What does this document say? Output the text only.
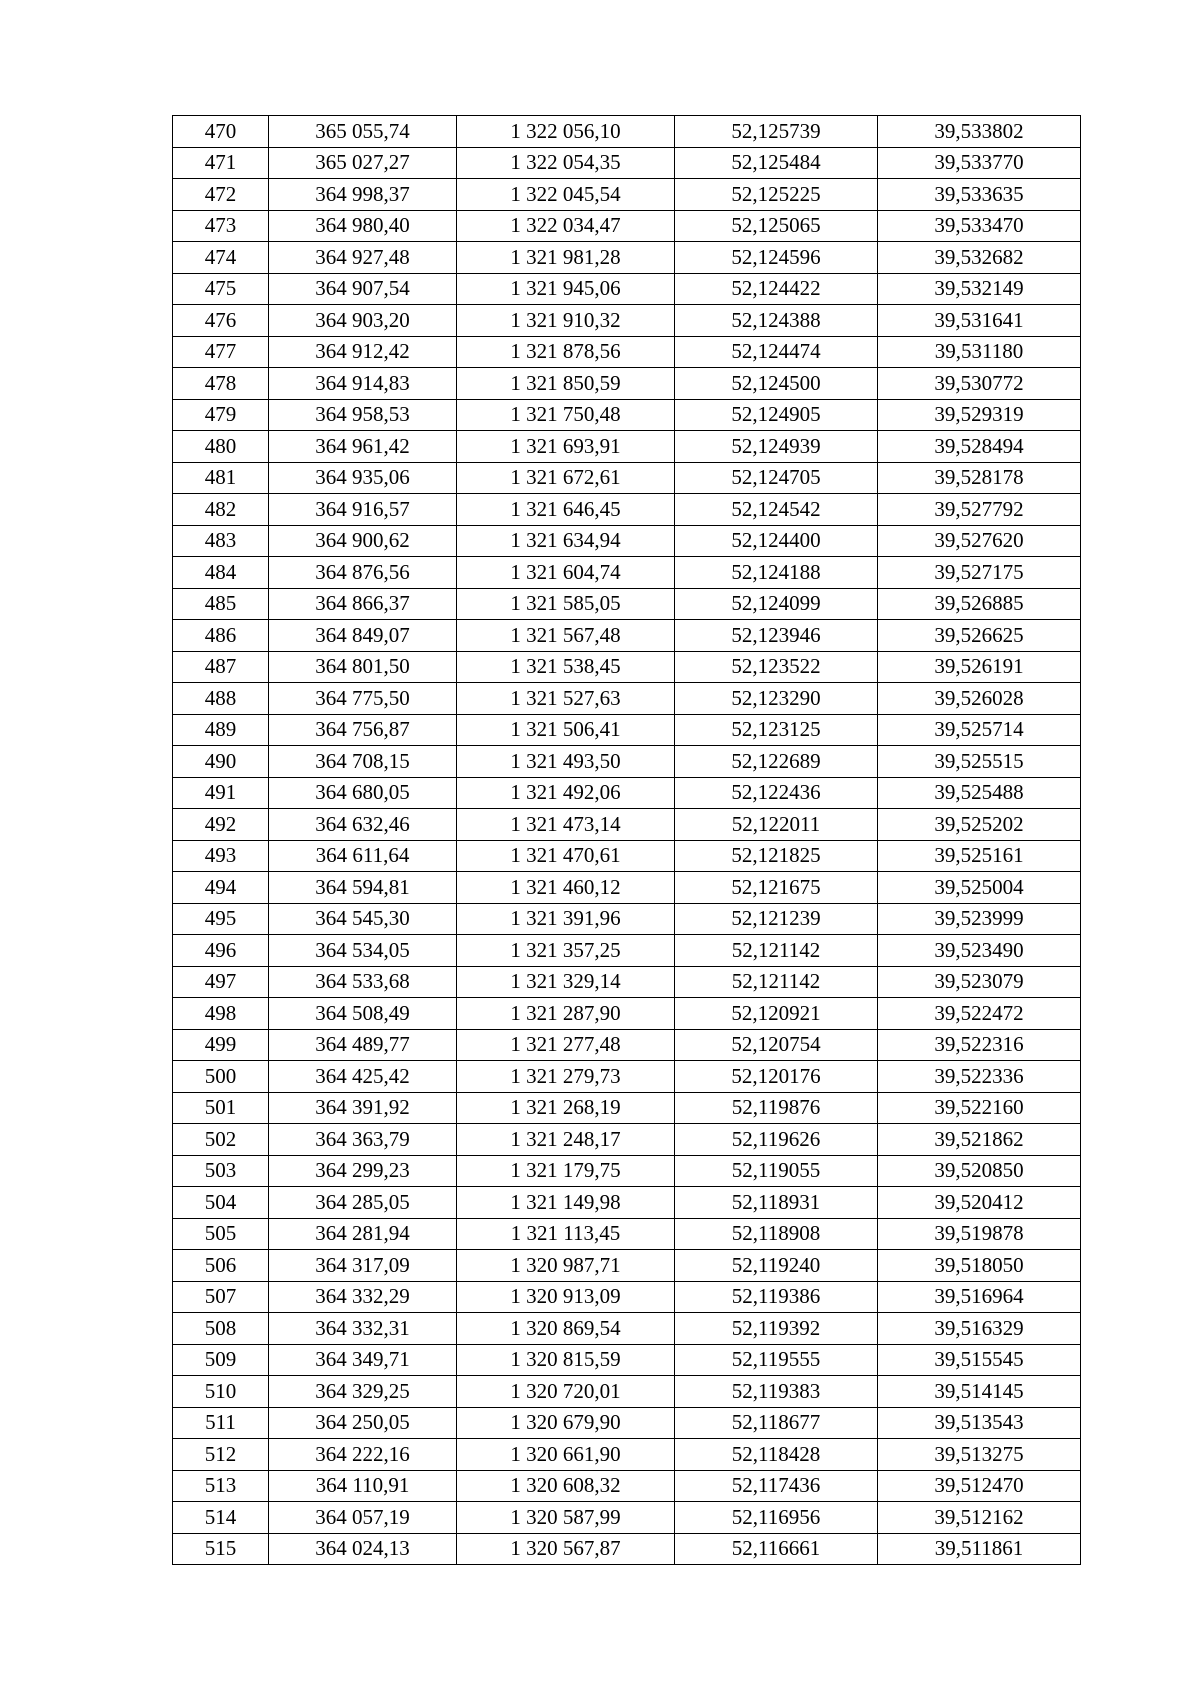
470	365 055,74	1 322 056,10	52,125739	39,533802
471	365 027,27	1 322 054,35	52,125484	39,533770
472	364 998,37	1 322 045,54	52,125225	39,533635
473	364 980,40	1 322 034,47	52,125065	39,533470
474	364 927,48	1 321 981,28	52,124596	39,532682
475	364 907,54	1 321 945,06	52,124422	39,532149
476	364 903,20	1 321 910,32	52,124388	39,531641
477	364 912,42	1 321 878,56	52,124474	39,531180
478	364 914,83	1 321 850,59	52,124500	39,530772
479	364 958,53	1 321 750,48	52,124905	39,529319
480	364 961,42	1 321 693,91	52,124939	39,528494
481	364 935,06	1 321 672,61	52,124705	39,528178
482	364 916,57	1 321 646,45	52,124542	39,527792
483	364 900,62	1 321 634,94	52,124400	39,527620
484	364 876,56	1 321 604,74	52,124188	39,527175
485	364 866,37	1 321 585,05	52,124099	39,526885
486	364 849,07	1 321 567,48	52,123946	39,526625
487	364 801,50	1 321 538,45	52,123522	39,526191
488	364 775,50	1 321 527,63	52,123290	39,526028
489	364 756,87	1 321 506,41	52,123125	39,525714
490	364 708,15	1 321 493,50	52,122689	39,525515
491	364 680,05	1 321 492,06	52,122436	39,525488
492	364 632,46	1 321 473,14	52,122011	39,525202
493	364 611,64	1 321 470,61	52,121825	39,525161
494	364 594,81	1 321 460,12	52,121675	39,525004
495	364 545,30	1 321 391,96	52,121239	39,523999
496	364 534,05	1 321 357,25	52,121142	39,523490
497	364 533,68	1 321 329,14	52,121142	39,523079
498	364 508,49	1 321 287,90	52,120921	39,522472
499	364 489,77	1 321 277,48	52,120754	39,522316
500	364 425,42	1 321 279,73	52,120176	39,522336
501	364 391,92	1 321 268,19	52,119876	39,522160
502	364 363,79	1 321 248,17	52,119626	39,521862
503	364 299,23	1 321 179,75	52,119055	39,520850
504	364 285,05	1 321 149,98	52,118931	39,520412
505	364 281,94	1 321 113,45	52,118908	39,519878
506	364 317,09	1 320 987,71	52,119240	39,518050
507	364 332,29	1 320 913,09	52,119386	39,516964
508	364 332,31	1 320 869,54	52,119392	39,516329
509	364 349,71	1 320 815,59	52,119555	39,515545
510	364 329,25	1 320 720,01	52,119383	39,514145
511	364 250,05	1 320 679,90	52,118677	39,513543
512	364 222,16	1 320 661,90	52,118428	39,513275
513	364 110,91	1 320 608,32	52,117436	39,512470
514	364 057,19	1 320 587,99	52,116956	39,512162
515	364 024,13	1 320 567,87	52,116661	39,511861
